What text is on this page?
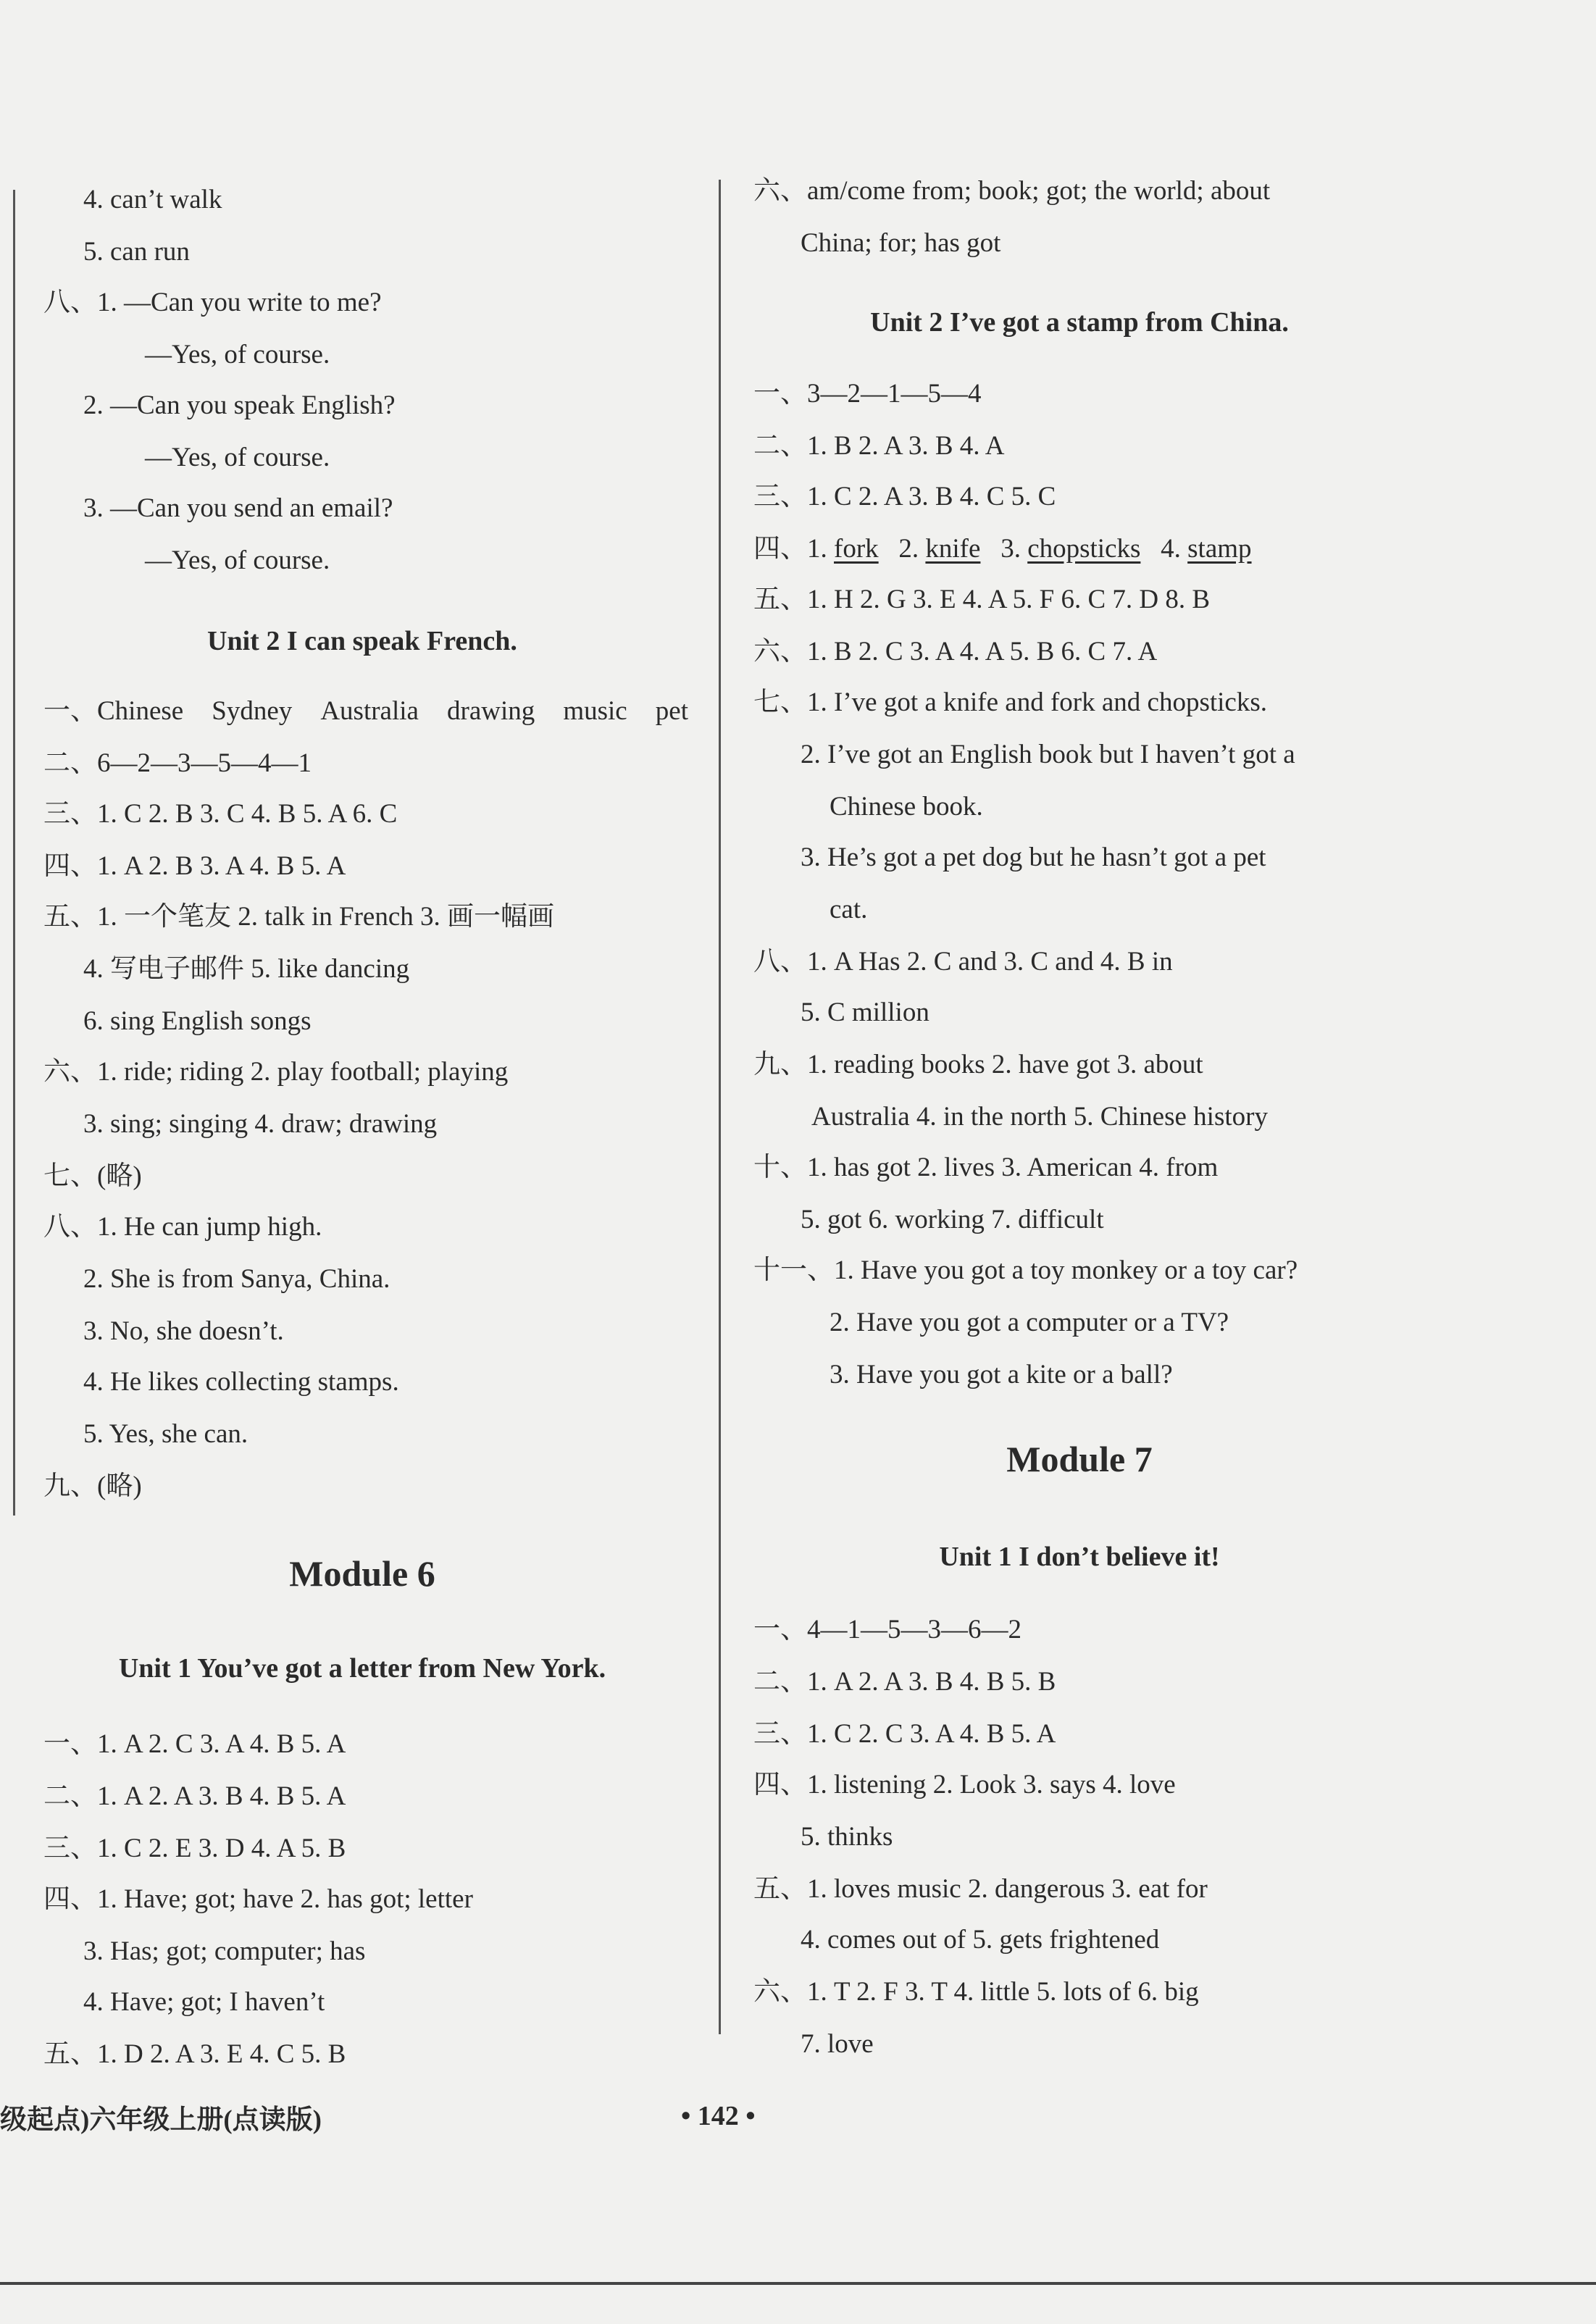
4. can’t walk
5. can run
八、1. —Can you write to me?
—Yes, of course.
2. —Can you speak English?
—Yes, of course.
3. —Can you send an email?
—Yes, of course.
Unit 2 I can speak French.
一、Chinese Sydney Australia drawing music pet
二、6—2—3—5—4—1
三、1. C 2. B 3. C 4. B 5. A 6. C
四、1. A 2. B 3. A 4. B 5. A
五、1. 一个笔友 2. talk in French 3. 画一幅画
4. 写电子邮件 5. like dancing
6. sing English songs
六、1. ride; riding 2. play football; playing
3. sing; singing 4. draw; drawing
七、(略)
八、1. He can jump high.
2. She is from Sanya, China.
3. No, she doesn’t.
4. He likes collecting stamps.
5. Yes, she can.
九、(略)
Module 6
Unit 1 You’ve got a letter from New York.
一、1. A 2. C 3. A 4. B 5. A
二、1. A 2. A 3. B 4. B 5. A
三、1. C 2. E 3. D 4. A 5. B
四、1. Have; got; have 2. has got; letter
3. Has; got; computer; has
4. Have; got; I haven’t
五、1. D 2. A 3. E 4. C 5. B
六、am/come from; book; got; the world; about
China; for; has got
Unit 2 I’ve got a stamp from China.
一、3—2—1—5—4
二、1. B 2. A 3. B 4. A
三、1. C 2. A 3. B 4. C 5. C
四、1. fork 2. knife 3. chopsticks 4. stamp
五、1. H 2. G 3. E 4. A 5. F 6. C 7. D 8. B
六、1. B 2. C 3. A 4. A 5. B 6. C 7. A
七、1. I’ve got a knife and fork and chopsticks.
2. I’ve got an English book but I haven’t got a
Chinese book.
3. He’s got a pet dog but he hasn’t got a pet
cat.
八、1. A Has 2. C and 3. C and 4. B in
5. C million
九、1. reading books 2. have got 3. about
Australia 4. in the north 5. Chinese history
十、1. has got 2. lives 3. American 4. from
5. got 6. working 7. difficult
十一、1. Have you got a toy monkey or a toy car?
2. Have you got a computer or a TV?
3. Have you got a kite or a ball?
Module 7
Unit 1 I don’t believe it!
一、4—1—5—3—6—2
二、1. A 2. A 3. B 4. B 5. B
三、1. C 2. C 3. A 4. B 5. A
四、1. listening 2. Look 3. says 4. love
5. thinks
五、1. loves music 2. dangerous 3. eat for
4. comes out of 5. gets frightened
六、1. T 2. F 3. T 4. little 5. lots of 6. big
7. love
级起点)六年级上册(点读版)	• 142 •
